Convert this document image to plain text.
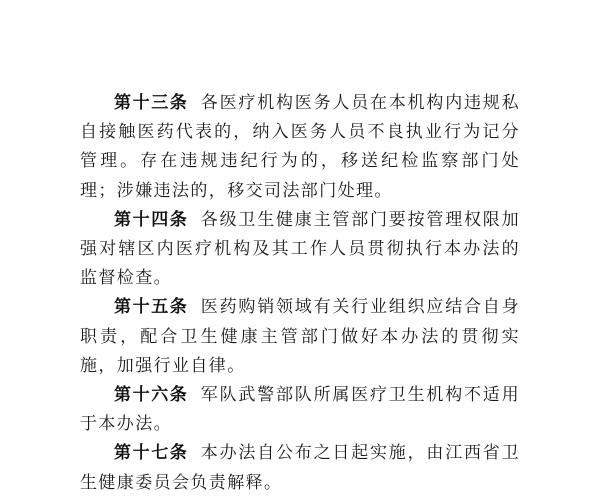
第十三条 各医疗机构医务人员在本机构内违规私自接触医药代表的，纳入医务人员不良执业行为记分管理。存在违规违纪行为的，移送纪检监察部门处理；涉嫌违法的，移交司法部门处理。

第十四条 各级卫生健康主管部门要按管理权限加强对辖区内医疗机构及其工作人员贯彻执行本办法的监督检查。

第十五条 医药购销领域有关行业组织应结合自身职责，配合卫生健康主管部门做好本办法的贯彻实施，加强行业自律。

第十六条 军队武警部队所属医疗卫生机构不适用于本办法。

第十七条 本办法自公布之日起实施，由江西省卫生健康委员会负责解释。
